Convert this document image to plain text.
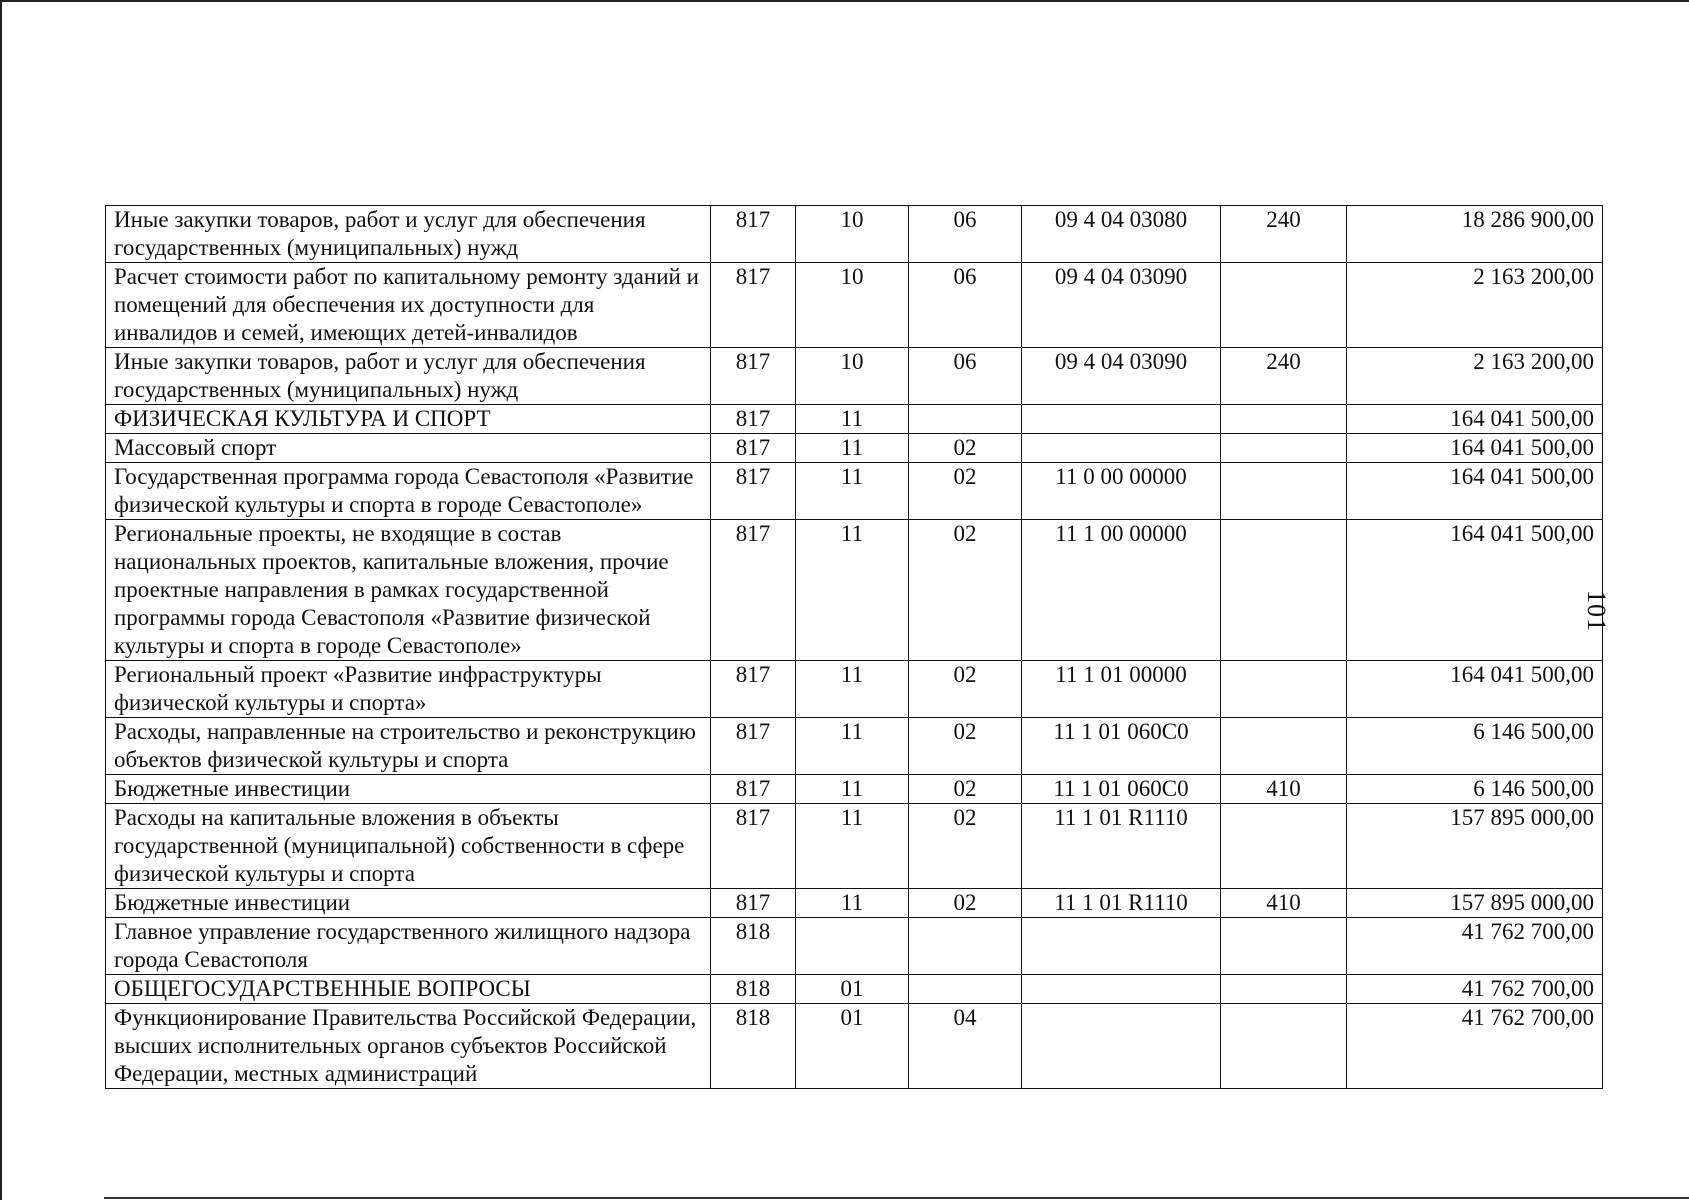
Иные закупки товаров, работ и услуг для обеспечения государственных (муниципальных) нужд	817	10	06	09 4 04 03080	240	18 286 900,00
Расчет стоимости работ по капитальному ремонту зданий и помещений для обеспечения их доступности для инвалидов и семей, имеющих детей-инвалидов	817	10	06	09 4 04 03090		2 163 200,00
Иные закупки товаров, работ и услуг для обеспечения государственных (муниципальных) нужд	817	10	06	09 4 04 03090	240	2 163 200,00
ФИЗИЧЕСКАЯ КУЛЬТУРА И СПОРТ	817	11				164 041 500,00
Массовый спорт	817	11	02			164 041 500,00
Государственная программа города Севастополя «Развитие физической культуры и спорта в городе Севастополе»	817	11	02	11 0 00 00000		164 041 500,00
Региональные проекты, не входящие в состав национальных проектов, капитальные вложения, прочие проектные направления в рамках государственной программы города Севастополя «Развитие физической культуры и спорта в городе Севастополе»	817	11	02	11 1 00 00000		164 041 500,00
Региональный проект «Развитие инфраструктуры физической культуры и спорта»	817	11	02	11 1 01 00000		164 041 500,00
Расходы, направленные на строительство и реконструкцию объектов физической культуры и спорта	817	11	02	11 1 01 060С0		6 146 500,00
Бюджетные инвестиции	817	11	02	11 1 01 060С0	410	6 146 500,00
Расходы на капитальные вложения в объекты государственной (муниципальной) собственности в сфере физической культуры и спорта	817	11	02	11 1 01 R1110		157 895 000,00
Бюджетные инвестиции	817	11	02	11 1 01 R1110	410	157 895 000,00
Главное управление государственного жилищного надзора города Севастополя	818					41 762 700,00
ОБЩЕГОСУДАРСТВЕННЫЕ ВОПРОСЫ	818	01				41 762 700,00
Функционирование Правительства Российской Федерации, высших исполнительных органов субъектов Российской Федерации, местных администраций	818	01	04			41 762 700,00
101
